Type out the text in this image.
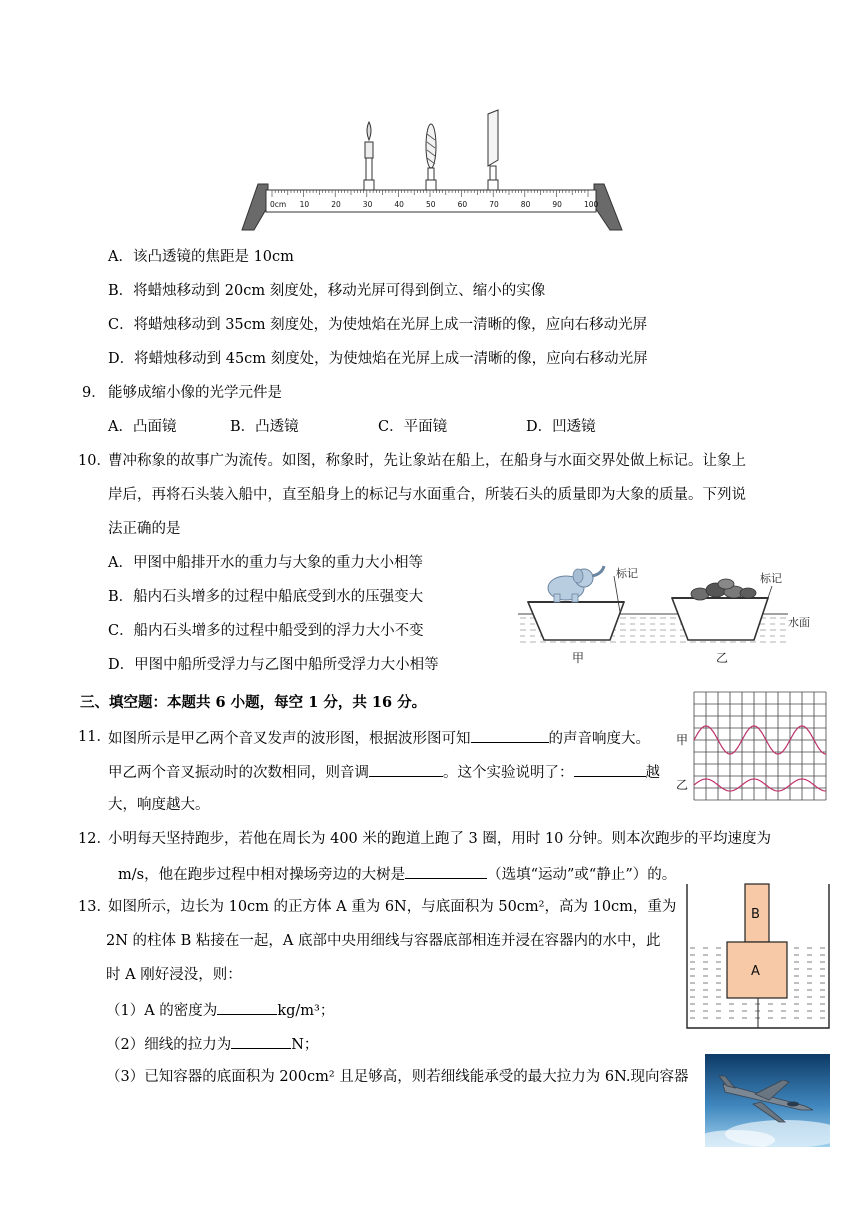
0cm 10	20	30	40	50	60	70	80	90	100
A．该凸透镜的焦距是 10cm
B．将蜡烛移动到 20cm 刻度处，移动光屏可得到倒立、缩小的实像
C．将蜡烛移动到 35cm 刻度处，为使烛焰在光屏上成一清晰的像，应向右移动光屏
D．将蜡烛移动到 45cm 刻度处，为使烛焰在光屏上成一清晰的像，应向右移动光屏
9． 能够成缩小像的光学元件是
A．凸面镜	B．凸透镜	C．平面镜	D．凹透镜
10．
曹冲称象的故事广为流传。如图，称象时，先让象站在船上，在船身与水面交界处做上标记。让象上
岸后，再将石头装入船中，直至船身上的标记与水面重合，所装石头的质量即为大象的质量。下列说
法正确的是
A．甲图中船排开水的重力与大象的重力大小相等
B．船内石头增多的过程中船底受到水的压强变大
C．船内石头增多的过程中船受到的浮力大小不变
D．甲图中船所受浮力与乙图中船所受浮力大小相等
标记	标记
水面
甲	乙
三、填空题：本题共 6 小题，每空 1 分，共 16 分。
11．
如图所示是甲乙两个音叉发声的波形图，根据波形图可知	的声音响度大。
甲乙两个音叉振动时的次数相同，则音调	。这个实验说明了：	越
大，响度越大。
甲
乙
12．
小明每天坚持跑步，若他在周长为 400 米的跑道上跑了 3 圈，用时 10 分钟。则本次跑步的平均速度为
m/s，他在跑步过程中相对操场旁边的大树是	（选填“运动”或“静止”）的。
13．
如图所示，边长为 10cm 的正方体 A 重为 6N，与底面积为 50cm²，高为 10cm，重为
2N 的柱体 B 粘接在一起，A 底部中央用细线与容器底部相连并浸在容器内的水中，此
时 A 刚好浸没，则：
（1）A 的密度为	kg/m³；
（2）细线的拉力为	N；
（3）已知容器的底面积为 200cm² 且足够高，则若细线能承受的最大拉力为 6N.现向容器
B
A
